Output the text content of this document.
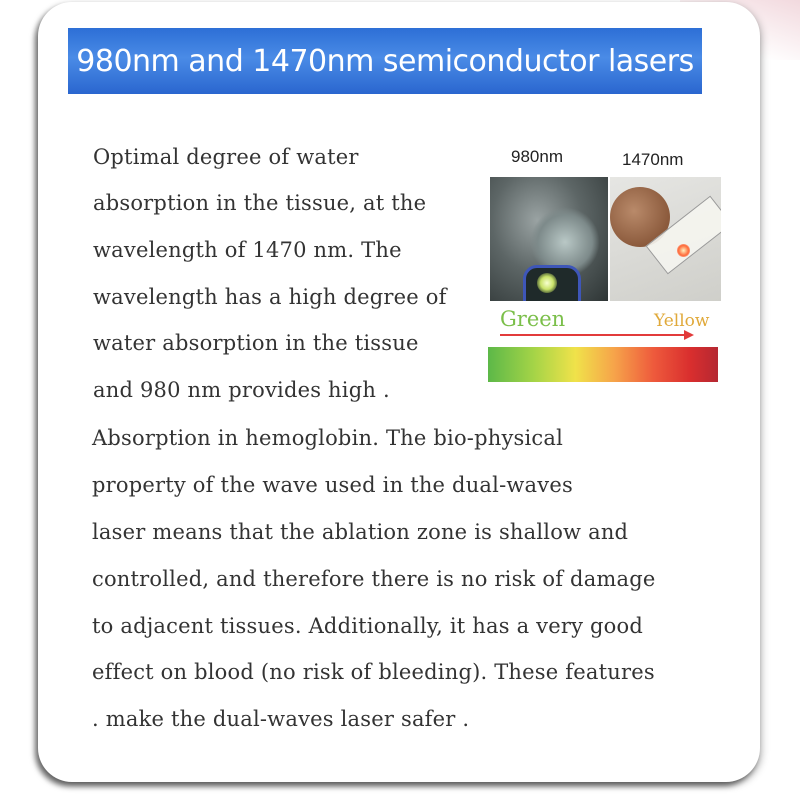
980nm and 1470nm semiconductor lasers

Optimal degree of water

absorption in the tissue, at the

wavelength of 1470 nm. The

wavelength has a high degree of

water absorption in the tissue

and 980 nm provides high .

Absorption in hemoglobin. The bio-physical

property of the wave used in the dual-waves

laser means that the ablation zone is shallow and

controlled, and therefore there is no risk of damage

to adjacent tissues. Additionally, it has a very good

effect on blood (no risk of bleeding). These features

. make the dual-waves laser safer .

980nm	1470nm
Green	Yellow
